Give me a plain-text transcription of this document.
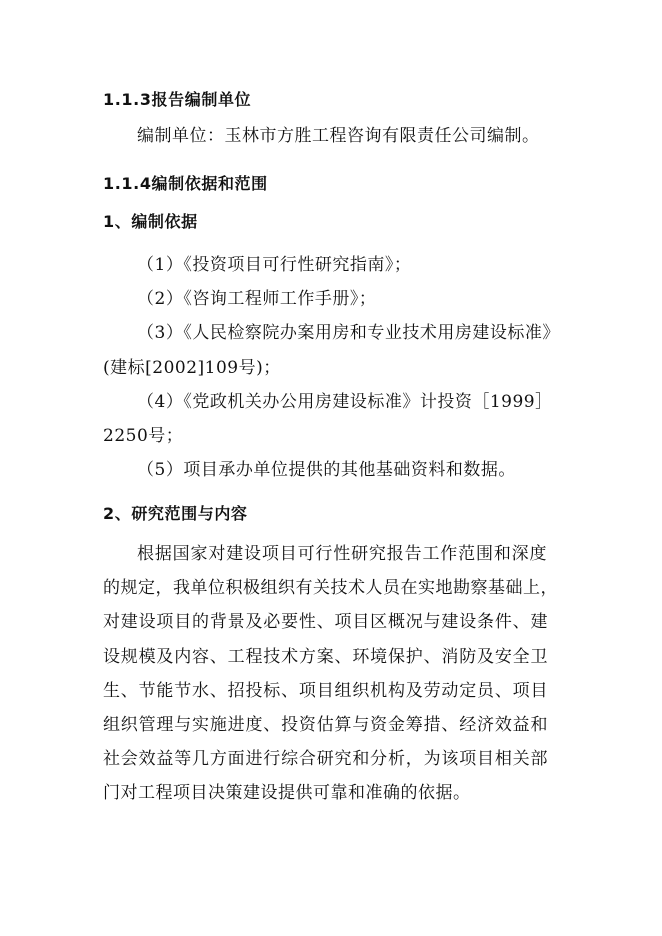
1.1.3报告编制单位
编制单位：玉林市方胜工程咨询有限责任公司编制。
1.1.4编制依据和范围
1、编制依据
（1）《投资项目可行性研究指南》；
（2）《咨询工程师工作手册》；
（3）《人民检察院办案用房和专业技术用房建设标准》
(建标[2002]109号)；
（4）《党政机关办公用房建设标准》计投资［1999］
2250号；
（5）项目承办单位提供的其他基础资料和数据。
2、研究范围与内容
根据国家对建设项目可行性研究报告工作范围和深度
的规定，我单位积极组织有关技术人员在实地勘察基础上，
对建设项目的背景及必要性、项目区概况与建设条件、建
设规模及内容、工程技术方案、环境保护、消防及安全卫
生、节能节水、招投标、项目组织机构及劳动定员、项目
组织管理与实施进度、投资估算与资金筹措、经济效益和
社会效益等几方面进行综合研究和分析，为该项目相关部
门对工程项目决策建设提供可靠和准确的依据。
